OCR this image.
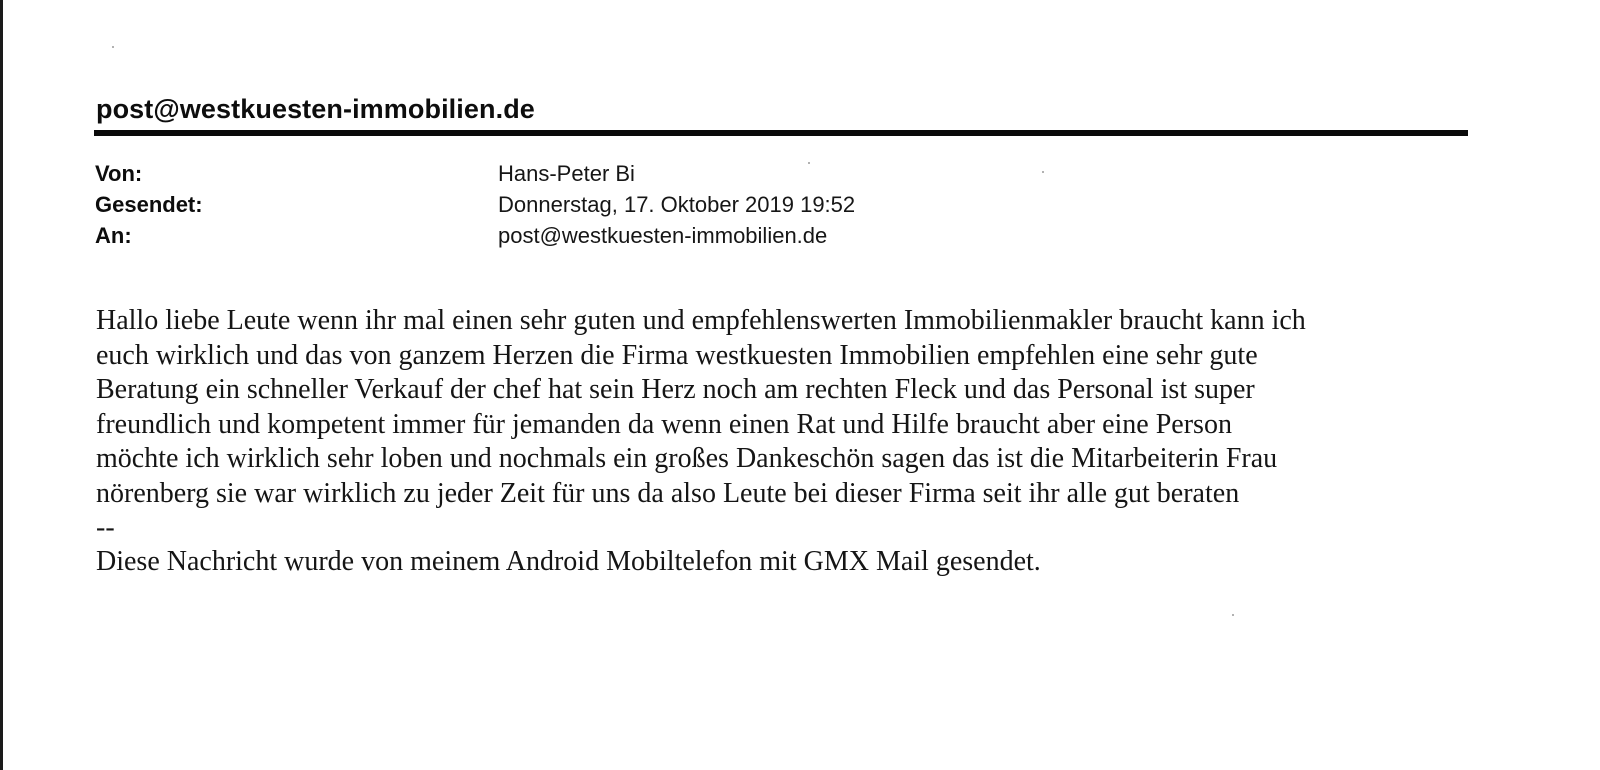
post@westkuesten-immobilien.de
Von:	Hans-Peter Bi
Gesendet:	Donnerstag, 17. Oktober 2019 19:52
An:	post@westkuesten-immobilien.de

Hallo liebe Leute wenn ihr mal einen sehr guten und empfehlenswerten Immobilienmakler braucht kann ich

euch wirklich und das von ganzem Herzen die Firma westkuesten Immobilien empfehlen eine sehr gute

Beratung ein schneller Verkauf der chef hat sein Herz noch am rechten Fleck und das Personal ist super

freundlich und kompetent immer für jemanden da wenn einen Rat und Hilfe braucht aber eine Person

möchte ich wirklich sehr loben und nochmals ein großes Dankeschön sagen das ist die Mitarbeiterin Frau

nörenberg sie war wirklich zu jeder Zeit für uns da also Leute bei dieser Firma seit ihr alle gut beraten

--

Diese Nachricht wurde von meinem Android Mobiltelefon mit GMX Mail gesendet.
